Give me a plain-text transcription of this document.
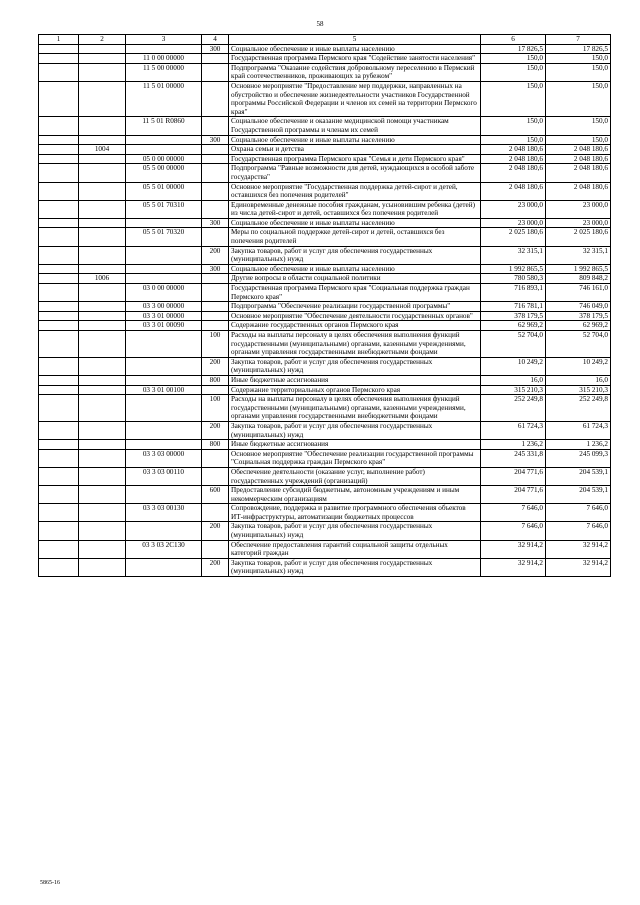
58
1	2	3	4	5	6	7
			300	Социальное обеспечение и иные выплаты населению	17 826,5	17 826,5
		11 0 00 00000		Государственная программа Пермского края "Содействие занятости населения"	150,0	150,0
		11 5 00 00000		Подпрограмма "Оказание содействия добровольному переселению в Пермский край соотечественников, проживающих за рубежом"	150,0	150,0
		11 5 01 00000		Основное мероприятие "Предоставление мер поддержки, направленных на обустройство и обеспечение жизнедеятельности участников Государственной программы Российской Федерации и членов их семей на территории Пермского края"	150,0	150,0
		11 5 01 R0860		Социальное обеспечение и оказание медицинской помощи участникам Государственной программы и членам их семей	150,0	150,0
			300	Социальное обеспечение и иные выплаты населению	150,0	150,0
	1004			Охрана семьи и детства	2 048 180,6	2 048 180,6
		05 0 00 00000		Государственная программа Пермского края "Семья и дети Пермского края"	2 048 180,6	2 048 180,6
		05 5 00 00000		Подпрограмма "Равные возможности для детей, нуждающихся в особой заботе государства"	2 048 180,6	2 048 180,6
		05 5 01 00000		Основное мероприятие "Государственная поддержка детей-сирот и детей, оставшихся без попечения родителей"	2 048 180,6	2 048 180,6
		05 5 01 70310		Единовременные денежные пособия гражданам, усыновившим ребенка (детей) из числа детей-сирот и детей, оставшихся без попечения родителей	23 000,0	23 000,0
			300	Социальное обеспечение и иные выплаты населению	23 000,0	23 000,0
		05 5 01 70320		Меры по социальной поддержке детей-сирот и детей, оставшихся без попечения родителей	2 025 180,6	2 025 180,6
			200	Закупка товаров, работ и услуг для обеспечения государственных (муниципальных) нужд	32 315,1	32 315,1
			300	Социальное обеспечение и иные выплаты населению	1 992 865,5	1 992 865,5
	1006			Другие вопросы в области социальной политики	780 580,3	809 848,2
		03 0 00 00000		Государственная программа Пермского края "Социальная поддержка граждан Пермского края"	716 893,1	746 161,0
		03 3 00 00000		Подпрограмма "Обеспечение реализации государственной программы"	716 781,1	746 049,0
		03 3 01 00000		Основное мероприятие "Обеспечение деятельности государственных органов"	378 179,5	378 179,5
		03 3 01 00090		Содержание государственных органов Пермского края	62 969,2	62 969,2
			100	Расходы на выплаты персоналу в целях обеспечения выполнения функций государственными (муниципальными) органами, казенными учреждениями, органами управления государственными внебюджетными фондами	52 704,0	52 704,0
			200	Закупка товаров, работ и услуг для обеспечения государственных (муниципальных) нужд	10 249,2	10 249,2
			800	Иные бюджетные ассигнования	16,0	16,0
		03 3 01 00100		Содержание территориальных органов Пермского края	315 210,3	315 210,3
			100	Расходы на выплаты персоналу в целях обеспечения выполнения функций государственными (муниципальными) органами, казенными учреждениями, органами управления государственными внебюджетными фондами	252 249,8	252 249,8
			200	Закупка товаров, работ и услуг для обеспечения государственных (муниципальных) нужд	61 724,3	61 724,3
			800	Иные бюджетные ассигнования	1 236,2	1 236,2
		03 3 03 00000		Основное мероприятие "Обеспечение реализации государственной программы "Социальная поддержка граждан Пермского края"	245 331,8	245 099,3
		03 3 03 00110		Обеспечение деятельности (оказание услуг, выполнение работ) государственных учреждений (организаций)	204 771,6	204 539,1
			600	Предоставление субсидий бюджетным, автономным учреждениям и иным некоммерческим организациям	204 771,6	204 539,1
		03 3 03 00130		Сопровождение, поддержка и развитие программного обеспечения объектов ИТ-инфраструктуры, автоматизации бюджетных процессов	7 646,0	7 646,0
			200	Закупка товаров, работ и услуг для обеспечения государственных (муниципальных) нужд	7 646,0	7 646,0
		03 3 03 2С130		Обеспечение предоставления гарантий социальной защиты отдельных категорий граждан	32 914,2	32 914,2
			200	Закупка товаров, работ и услуг для обеспечения государственных (муниципальных) нужд	32 914,2	32 914,2
5865-16
